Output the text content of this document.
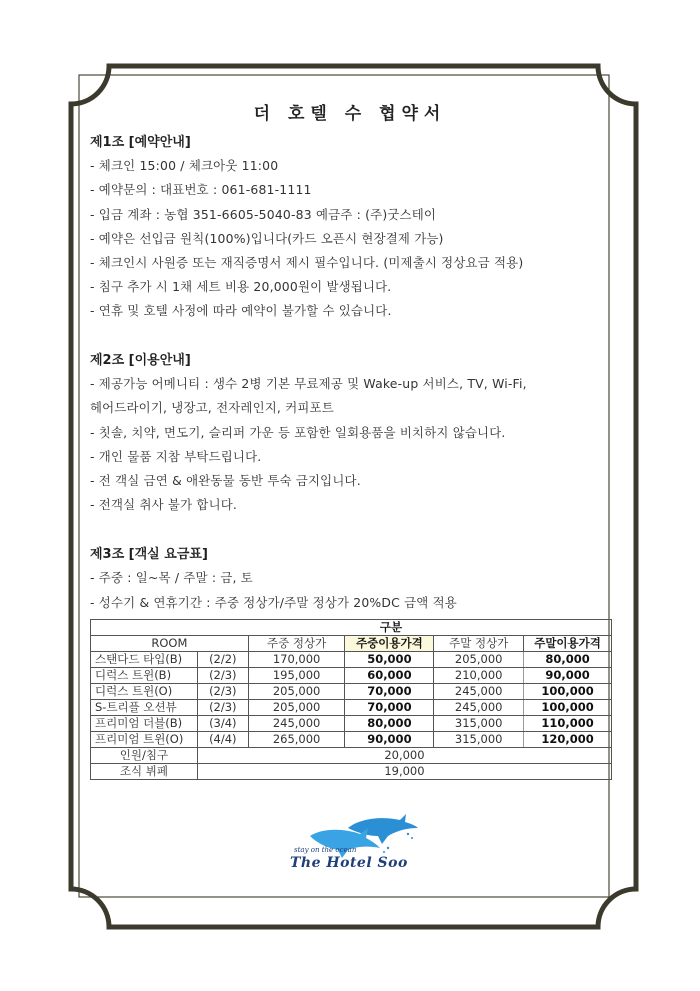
더 호텔 수 협약서
제1조 [예약안내]
- 체크인 15:00 / 체크아웃 11:00
- 예약문의 : 대표번호 : 061-681-1111
- 입금 계좌 : 농협 351-6605-5040-83 예금주 : (주)굿스테이
- 예약은 선입금 원칙(100%)입니다(카드 오픈시 현장결제 가능)
- 체크인시 사원증 또는 재직증명서 제시 필수입니다. (미제출시 정상요금 적용)
- 침구 추가 시 1채 세트 비용 20,000원이 발생됩니다.
- 연휴 및 호텔 사정에 따라 예약이 불가할 수 있습니다.
제2조 [이용안내]
- 제공가능 어메니티 : 생수 2병 기본 무료제공 및 Wake-up 서비스, TV, Wi-Fi,
헤어드라이기, 냉장고, 전자레인지, 커피포트
- 칫솔, 치약, 면도기, 슬리퍼 가운 등 포함한 일회용품을 비치하지 않습니다.
- 개인 물품 지참 부탁드립니다.
- 전 객실 금연 & 애완동물 동반 투숙 금지입니다.
- 전객실 취사 불가 합니다.
제3조 [객실 요금표]
- 주중 : 일~목 / 주말 : 금, 토
- 성수기 & 연휴기간 : 주중 정상가/주말 정상가 20%DC 금액 적용
구분					
ROOM		주중 정상가	주중이용가격	주말 정상가	주말이용가격
스탠다드 타입(B)	(2/2)	170,000	50,000	205,000	80,000
디럭스 트윈(B)	(2/3)	195,000	60,000	210,000	90,000
디럭스 트윈(O)	(2/3)	205,000	70,000	245,000	100,000
S-트리플 오션뷰	(2/3)	205,000	70,000	245,000	100,000
프리미엄 더블(B)	(3/4)	245,000	80,000	315,000	110,000
프리미엄 트윈(O)	(4/4)	265,000	90,000	315,000	120,000
인원/침구	20,000				
조식 뷔페	19,000				
stay on the ocean
The Hotel Soo
